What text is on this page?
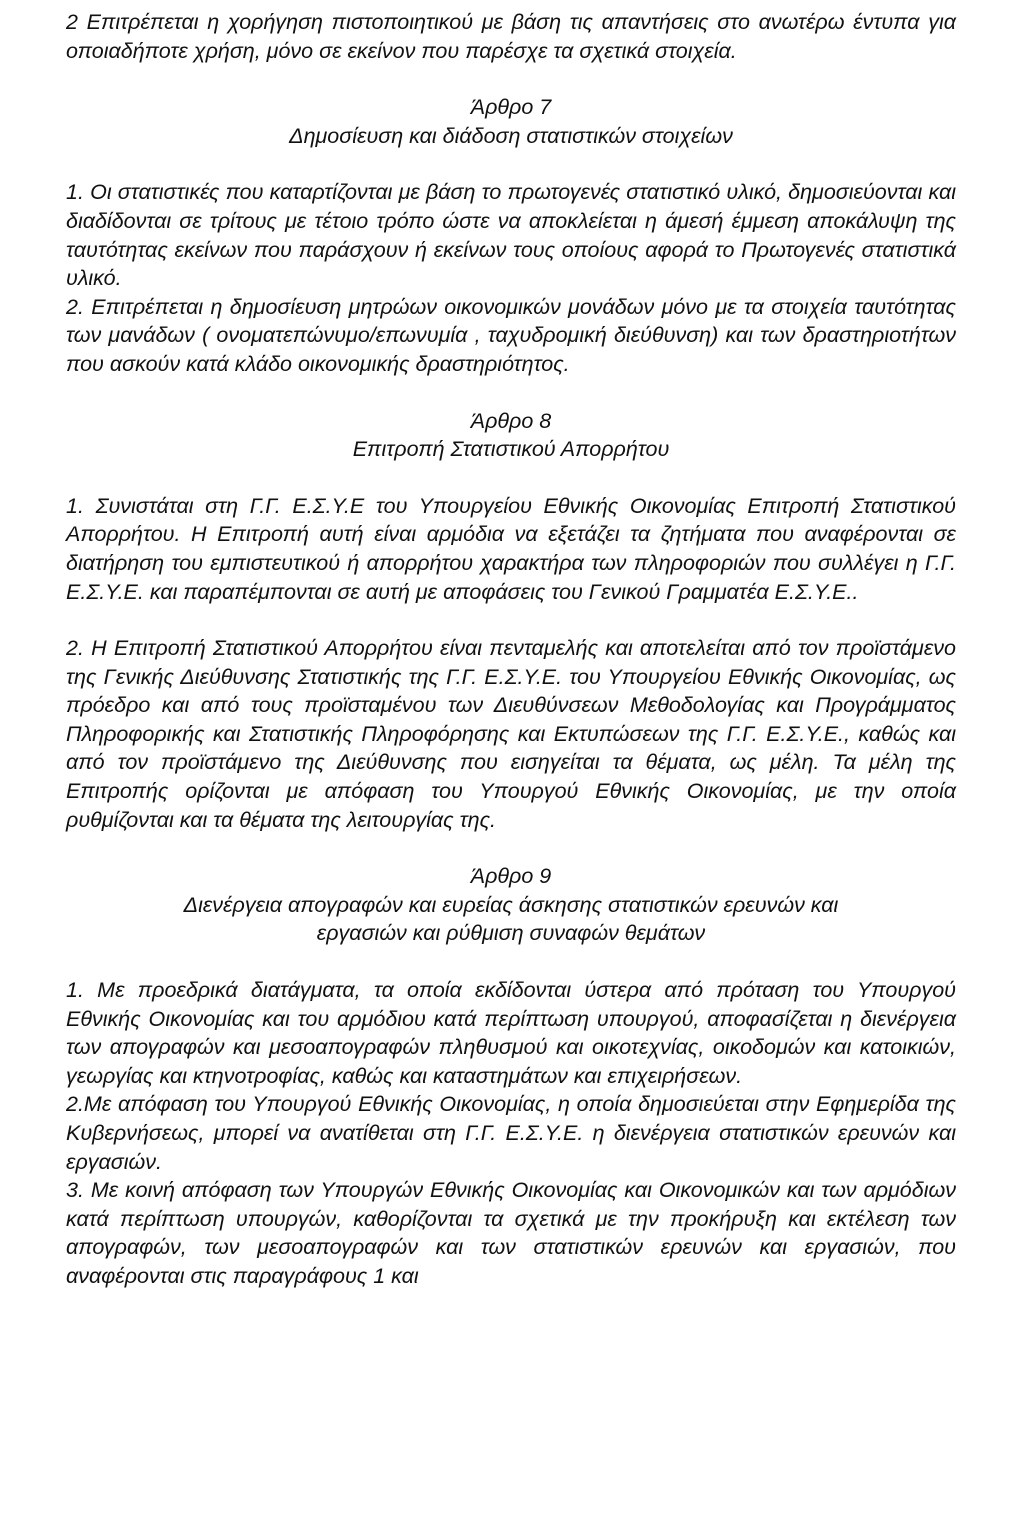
2 Επιτρέπεται η χορήγηση πιστοποιητικού με βάση τις απαντήσεις στο ανωτέρω έντυπα για οποιαδήποτε χρήση, μόνο σε εκείνον που παρέσχε τα σχετικά στοιχεία.

Άρθρο 7

Δημοσίευση και διάδοση στατιστικών στοιχείων

1. Οι στατιστικές που καταρτίζονται με βάση το πρωτογενές στατιστικό υλικό, δημοσιεύονται και διαδίδονται σε τρίτους με τέτοιο τρόπο ώστε να αποκλείεται η άμεσή έμμεση αποκάλυψη της ταυτότητας εκείνων που παράσχουν ή εκείνων τους οποίους αφορά το Πρωτογενές στατιστικά υλικό.

2. Επιτρέπεται η δημοσίευση μητρώων οικονομικών μονάδων μόνο με τα στοιχεία ταυτότητας των μανάδων ( ονοματεπώνυμο/επωνυμία , ταχυδρομική διεύθυνση) και των δραστηριοτήτων που ασκούν κατά κλάδο οικονομικής δραστηριότητος.

Άρθρο 8

Επιτροπή Στατιστικού Απορρήτου

1. Συνιστάται στη Γ.Γ. Ε.Σ.Υ.Ε του Υπουργείου Εθνικής Οικονομίας Επιτροπή Στατιστικού Απορρήτου. Η Επιτροπή αυτή είναι αρμόδια να εξετάζει τα ζητήματα που αναφέρονται σε διατήρηση του εμπιστευτικού ή απορρήτου χαρακτήρα των πληροφοριών που συλλέγει η Γ.Γ. Ε.Σ.Υ.Ε. και παραπέμπονται σε αυτή με αποφάσεις του Γενικού Γραμματέα Ε.Σ.Υ.Ε..

2. Η Επιτροπή Στατιστικού Απορρήτου είναι πενταμελής και αποτελείται από τον προϊστάμενο της Γενικής Διεύθυνσης Στατιστικής της Γ.Γ. Ε.Σ.Υ.Ε. του Υπουργείου Εθνικής Οικονομίας, ως πρόεδρο και από τους προϊσταμένου των Διευθύνσεων Μεθοδολογίας και Προγράμματος Πληροφορικής και Στατιστικής Πληροφόρησης και Εκτυπώσεων της Γ.Γ. Ε.Σ.Υ.Ε., καθώς και από τον προϊστάμενο της Διεύθυνσης που εισηγείται τα θέματα, ως μέλη. Τα μέλη της Επιτροπής ορίζονται με απόφαση του Υπουργού Εθνικής Οικονομίας, με την οποία ρυθμίζονται και τα θέματα της λειτουργίας της.

Άρθρο 9

Διενέργεια απογραφών και ευρείας άσκησης στατιστικών ερευνών και

εργασιών και ρύθμιση συναφών θεμάτων

1. Με προεδρικά διατάγματα, τα οποία εκδίδονται ύστερα από πρόταση του Υπουργού Εθνικής Οικονομίας και του αρμόδιου κατά περίπτωση υπουργού, αποφασίζεται η διενέργεια των απογραφών και μεσοαπογραφών πληθυσμού και οικοτεχνίας, οικοδομών και κατοικιών, γεωργίας και κτηνοτροφίας, καθώς και καταστημάτων και επιχειρήσεων.

2.Με απόφαση του Υπουργού Εθνικής Οικονομίας, η οποία δημοσιεύεται στην Εφημερίδα της Κυβερνήσεως, μπορεί να ανατίθεται στη Γ.Γ. Ε.Σ.Υ.Ε. η διενέργεια στατιστικών ερευνών και εργασιών.

3. Με κοινή απόφαση των Υπουργών Εθνικής Οικονομίας και Οικονομικών και των αρμόδιων κατά περίπτωση υπουργών, καθορίζονται τα σχετικά με την προκήρυξη και εκτέλεση των απογραφών, των μεσοαπογραφών και των στατιστικών ερευνών και εργασιών, που αναφέρονται στις παραγράφους 1 και
